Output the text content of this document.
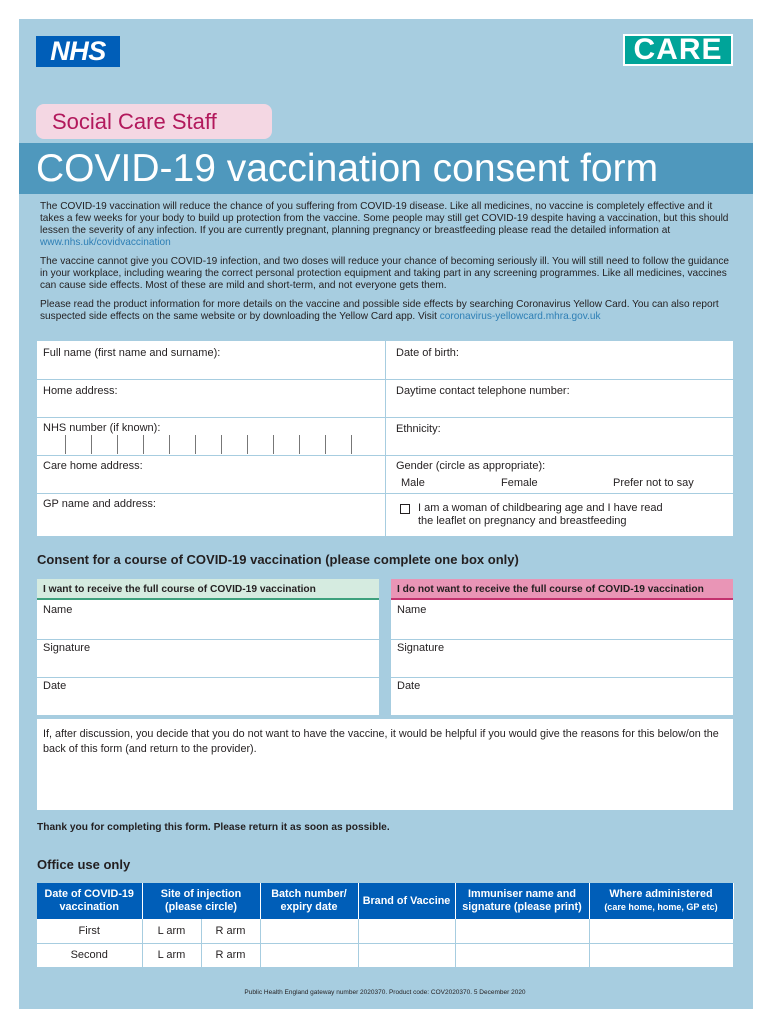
NHS	CARE
Social Care Staff
COVID-19 vaccination consent form

The COVID-19 vaccination will reduce the chance of you suffering from COVID-19 disease. Like all medicines, no vaccine is completely effective and it takes a few weeks for your body to build up protection from the vaccine. Some people may still get COVID-19 despite having a vaccination, but this should lessen the severity of any infection. If you are currently pregnant, planning pregnancy or breastfeeding please read the detailed information at www.nhs.uk/covidvaccination

The vaccine cannot give you COVID-19 infection, and two doses will reduce your chance of becoming seriously ill. You will still need to follow the guidance in your workplace, including wearing the correct personal protection equipment and taking part in any screening programmes. Like all medicines, vaccines can cause side effects. Most of these are mild and short-term, and not everyone gets them.

Please read the product information for more details on the vaccine and possible side effects by searching Coronavirus Yellow Card. You can also report suspected side effects on the same website or by downloading the Yellow Card app. Visit coronavirus-yellowcard.mhra.gov.uk

Full name (first name and surname):	Date of birth:
Home address:	Daytime contact telephone number:
NHS number (if known):	Ethnicity:
Care home address:	Gender (circle as appropriate):
Male	Female	Prefer not to say
GP name and address:	I am a woman of childbearing age and I have read
the leaflet on pregnancy and breastfeeding
Consent for a course of COVID-19 vaccination (please complete one box only)
I want to receive the full course of COVID-19 vaccination
Name
Signature
Date
I do not want to receive the full course of COVID-19 vaccination
Name
Signature
Date
If, after discussion, you decide that you do not want to have the vaccine, it would be helpful if you would give the reasons for this below/on the back of this form (and return to the provider).
Thank you for completing this form. Please return it as soon as possible.
Office use only
Date of COVID-19 vaccination	Site of injection (please circle)	Batch number/ expiry date	Brand of Vaccine	Immuniser name and signature (please print)	Where administered
(care home, home, GP etc)

First	L arm R arm				

Second	L arm R arm				

Public Health England gateway number 2020370. Product code: COV2020370. 5 December 2020
